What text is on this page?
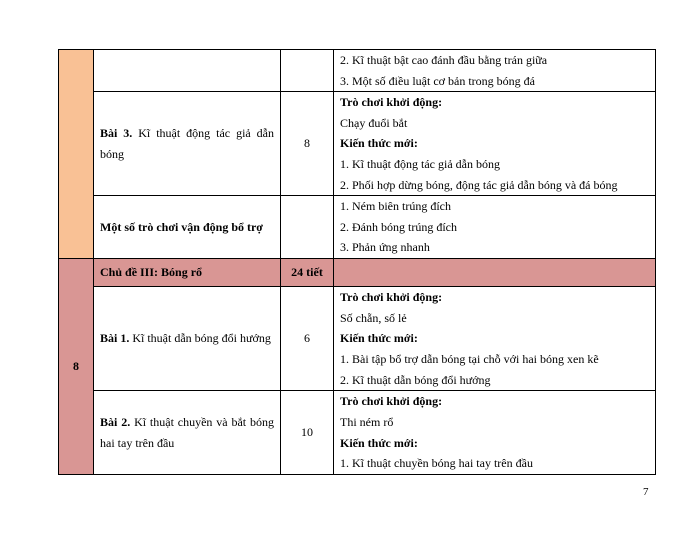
			2. Kĩ thuật bật cao đánh đầu bằng trán giữa
3. Một số điều luật cơ bản trong bóng đá

	Bài 3. Kĩ thuật động tác giả dẫn bóng	8	Trò chơi khởi động:
Chạy đuổi bắt
Kiến thức mới:
1. Kĩ thuật động tác giả dẫn bóng
2. Phối hợp dừng bóng, động tác giả dẫn bóng và đá bóng

	Một số trò chơi vận động bổ trợ		1. Ném biên trúng đích
2. Đánh bóng trúng đích
3. Phản ứng nhanh

8	Chủ đề III: Bóng rổ	24 tiết	
	Bài 1. Kĩ thuật dẫn bóng đổi hướng	6	Trò chơi khởi động:
Số chẵn, số lẻ
Kiến thức mới:
1. Bài tập bổ trợ dẫn bóng tại chỗ với hai bóng xen kẽ
2. Kĩ thuật dẫn bóng đổi hướng

	Bài 2. Kĩ thuật chuyền và bắt bóng hai tay trên đầu	10	Trò chơi khởi động:
Thi ném rổ
Kiến thức mới:
1. Kĩ thuật chuyền bóng hai tay trên đầu
7
